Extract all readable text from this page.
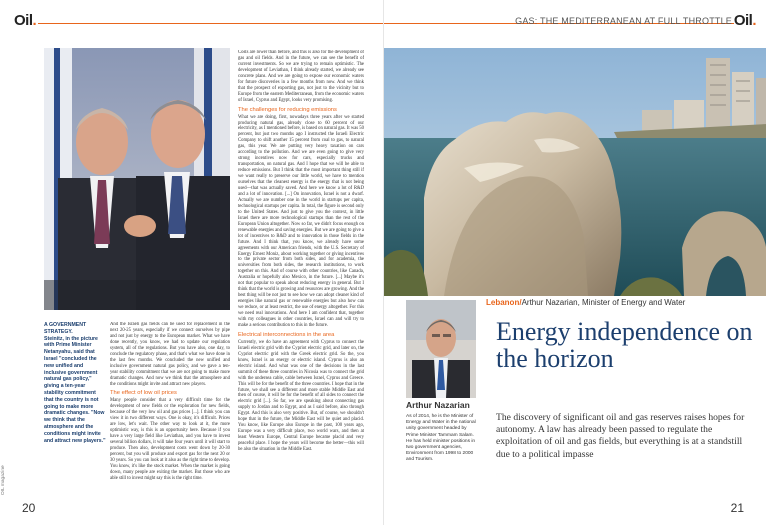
Oil.
A GOVERNMENT STRATEGY.
Steinitz, in the picture with Prime Minister Netanyahu, said that Israel "concluded the new unified and inclusive government natural gas policy," giving a ten-year stability commitment that the country is not going to make more dramatic changes. "Now we think that the atmosphere and the conditions might invite and attract new players."

And the Israeli gas fields can be used for replacement in the next 20-25 years, especially if we connect ourselves by pipe and not just by energy to the European market. What we have done recently, you know, we had to update our regulation system, all of the regulations. But you have also, one day, to conclude the regulatory phase, and that's what we have done in the last few months. We concluded the new unified and inclusive government natural gas policy, and we gave a ten-year stability commitment that we are not going to make more dramatic changes. And now we think that the atmosphere and the conditions might invite and attract new players.

The effect of low oil prices

Many people consider that a very difficult time for the development of new fields or the exploration for new fields, because of the very low oil and gas prices [...]. I think you can view it in two different ways. One is okay, it's difficult. Prices are low, let's wait. The other way to look at it, the more optimistic way, is this is an opportunity here. Because if you have a very large field like Leviathan, and you have to invest several billion dollars, it will take four years until it will start to produce. Then also, development costs went down by 20-30 percent, but you will produce and export gas for the next 20 or 30 years. So you can look at it also as the right time to develop. You know, it's like the stock market. When the market is going down, many people are exiting the market. But those who are able still to invest might say this is the right time.

Costs are lower than before, and this is also for the development of gas and oil fields. And in the future, we can see the benefit of current investments. So we are trying to remain optimistic. The development of Leviathan, I think already started, we already see concrete plans. And we are going to expose our economic waters for future discoveries in a few months from now. And we think that the prospect of exporting gas, not just to the vicinity but to Europe from the eastern Mediterranean, from the economic waters of Israel, Cyprus and Egypt, looks very promising.

The challenges for reducing emissions

What we are doing, first, nowadays three years after we started producing natural gas, already close to 60 percent of our electricity, as I mentioned before, is based on natural gas. It was 50 percent, but just two months ago I instructed the Israeli Electric Company to shift another 15 percent from coal to gas, to natural gas, this year. We are putting very heavy taxation on cars according to the pollution. And we are even going to give very strong incentives now for cars, especially trucks and transportation, on natural gas. And I hope that we will be able to reduce emissions. But I think that the most important thing still if we want really to preserve our little world, we have to mention ourselves that the cleanest energy is the energy that is not being used—that was actually saved. And here we know a lot of R&D and a lot of innovation. [...] On innovation, Israel is not a dwarf. Actually we are number one in the world in startups per capita, technological startups per capita. In total, the figure is second only to the United States. And just to give you the context, in little Israel there are more technological startups than the rest of the European Union altogether. Now so far, we didn't focus enough on renewable energies and saving energies. But we are going to give a lot of incentives to R&D and to innovation in those fields in the future. And I think that, you know, we already have some agreements with our American friends, with the U.S. Secretary of Energy Ernest Moniz, about working together or giving incentives to the private sector from both sides, and for academia, the universities from both sides, the research institutions, to work together on this. And of course with other countries, like Canada, Australia or hopefully also Mexico, in the future. [...] Maybe it's not that popular to speak about reducing energy in general. But I think that the world is growing and resources are growing. And the best thing will be not just to see how we can adopt cleaner kind of energies like natural gas or renewable energies but also how can we reduce, or at least restrict, the use of energy altogether. For this we need real innovations. And here I am confident that, together with my colleagues in other countries, Israel can and will try to make a serious contribution to this in the future.

Electrical interconnections in the area

Currently, we do have an agreement with Cyprus to connect the Israeli electric grid with the Cypriot electric grid, and later on, the Cypriot electric grid with the Greek electric grid. So the, you know, Israel is an energy or electric island. Cyprus is also an electric island. And what was one of the decisions in the last summit of these three countries in Nicosia was to connect the grid with the undersea cable, cable between Israel, Cyprus and Greece. This will be for the benefit of the three countries. I hope that in the future, we shall see a different and more stable Middle East and then of course, it will be for the benefit of all sides to connect the electric grid [...]. So far, we are speaking about connecting gas supply to Jordan and to Egypt, and as I said before, also through Egypt. And this is also very positive. But, of course, we shouldn't hope that in the future, the Middle East will be quiet and placid. You know, like Europe also Europe in the past, 100 years ago, Europe was a very difficult place, two world wars, and then at least Western Europe, Central Europe became placid and very peaceful place. I hope the years will become the better—this will be also the situation in the Middle East.

OIL magazine
20
GAS: THE MEDITERRANEAN AT FULL THROTTLE Oil.
Lebanon/Arthur Nazarian, Minister of Energy and Water
Energy independence on the horizon
Arthur Nazarian
As of 2014, he is the Minister of Energy and Water in the national unity government headed by Prime Minister Tammam Salam. He has held minister positions in two government agencies, Environment from 1998 to 2000 and Tourism.
The discovery of significant oil and gas reserves raises hopes for autonomy. A law has already been passed to regulate the exploitation of oil and gas fields, but everything is at a standstill due to a political impasse
21
